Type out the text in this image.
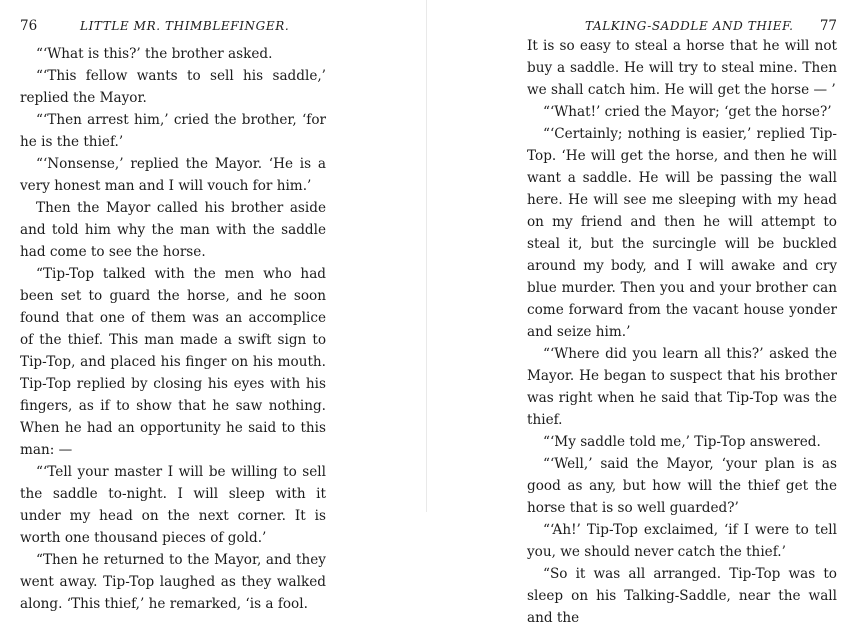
76	LITTLE MR. THIMBLEFINGER.

“‘What is this?’ the brother asked.

“‘This fellow wants to sell his saddle,’ replied the Mayor.

“‘Then arrest him,’ cried the brother, ‘for he is the thief.’

“‘Nonsense,’ replied the Mayor. ‘He is a very honest man and I will vouch for him.’

Then the Mayor called his brother aside and told him why the man with the saddle had come to see the horse.

“Tip-Top talked with the men who had been set to guard the horse, and he soon found that one of them was an accomplice of the thief. This man made a swift sign to Tip-Top, and placed his finger on his mouth. Tip-Top replied by closing his eyes with his fingers, as if to show that he saw nothing. When he had an opportunity he said to this man: —

“‘Tell your master I will be willing to sell the saddle to-night. I will sleep with it under my head on the next corner. It is worth one thousand pieces of gold.’

“Then he returned to the Mayor, and they went away. Tip-Top laughed as they walked along. ‘This thief,’ he remarked, ‘is a fool.

TALKING-SADDLE AND THIEF. 77

It is so easy to steal a horse that he will not buy a saddle. He will try to steal mine. Then we shall catch him. He will get the horse — ’

“‘What!’ cried the Mayor; ‘get the horse?’

“‘Certainly; nothing is easier,’ replied Tip-Top. ‘He will get the horse, and then he will want a saddle. He will be passing the wall here. He will see me sleeping with my head on my friend and then he will attempt to steal it, but the surcingle will be buckled around my body, and I will awake and cry blue murder. Then you and your brother can come forward from the vacant house yonder and seize him.’

“‘Where did you learn all this?’ asked the Mayor. He began to suspect that his brother was right when he said that Tip-Top was the thief.

“‘My saddle told me,’ Tip-Top answered.

“‘Well,’ said the Mayor, ‘your plan is as good as any, but how will the thief get the horse that is so well guarded?’

“‘Ah!’ Tip-Top exclaimed, ‘if I were to tell you, we should never catch the thief.’

“So it was all arranged. Tip-Top was to sleep on his Talking-Saddle, near the wall and the
